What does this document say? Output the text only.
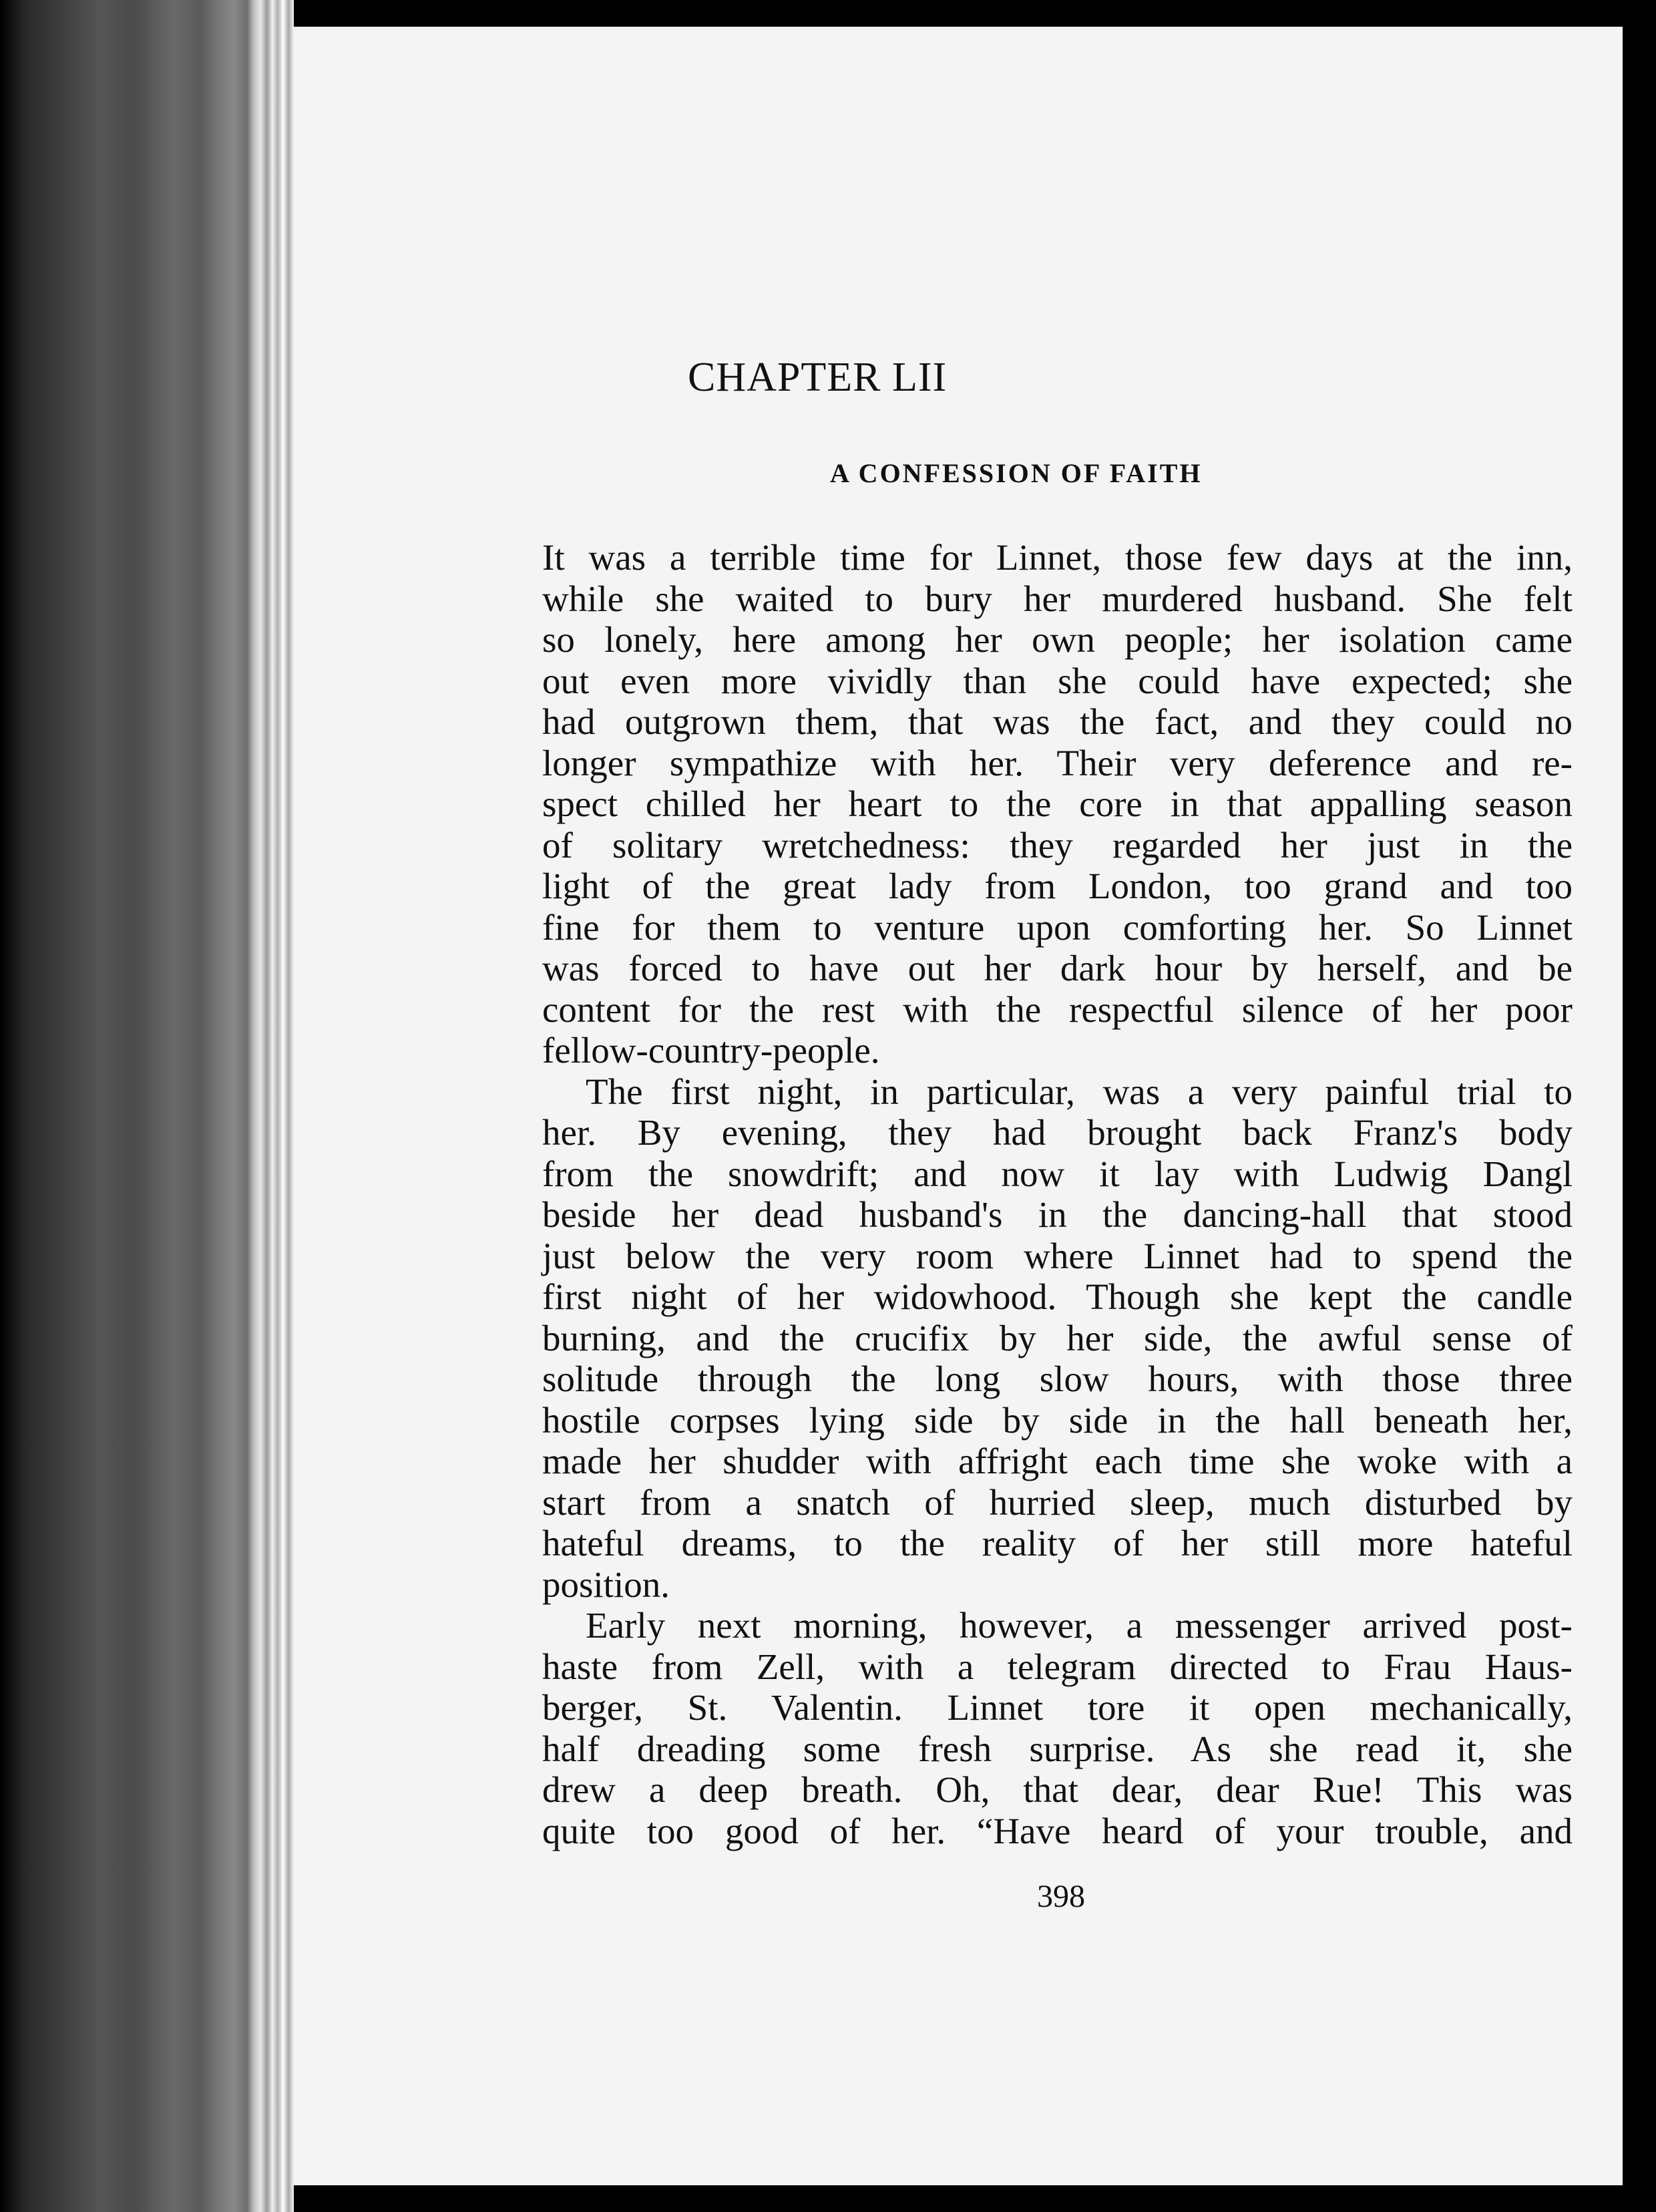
CHAPTER LII
A CONFESSION OF FAITH
It was a terrible time for Linnet, those few days at the inn,
while she waited to bury her murdered husband. She felt
so lonely, here among her own people; her isolation came
out even more vividly than she could have expected; she
had outgrown them, that was the fact, and they could no
longer sympathize with her. Their very deference and re-
spect chilled her heart to the core in that appalling season
of solitary wretchedness: they regarded her just in the
light of the great lady from London, too grand and too
fine for them to venture upon comforting her. So Linnet
was forced to have out her dark hour by herself, and be
content for the rest with the respectful silence of her poor
fellow-country-people.
The first night, in particular, was a very painful trial to
her. By evening, they had brought back Franz's body
from the snowdrift; and now it lay with Ludwig Dangl
beside her dead husband's in the dancing-hall that stood
just below the very room where Linnet had to spend the
first night of her widowhood. Though she kept the candle
burning, and the crucifix by her side, the awful sense of
solitude through the long slow hours, with those three
hostile corpses lying side by side in the hall beneath her,
made her shudder with affright each time she woke with a
start from a snatch of hurried sleep, much disturbed by
hateful dreams, to the reality of her still more hateful
position.
Early next morning, however, a messenger arrived post-
haste from Zell, with a telegram directed to Frau Haus-
berger, St. Valentin. Linnet tore it open mechanically,
half dreading some fresh surprise. As she read it, she
drew a deep breath. Oh, that dear, dear Rue! This was
quite too good of her. “Have heard of your trouble, and

398
